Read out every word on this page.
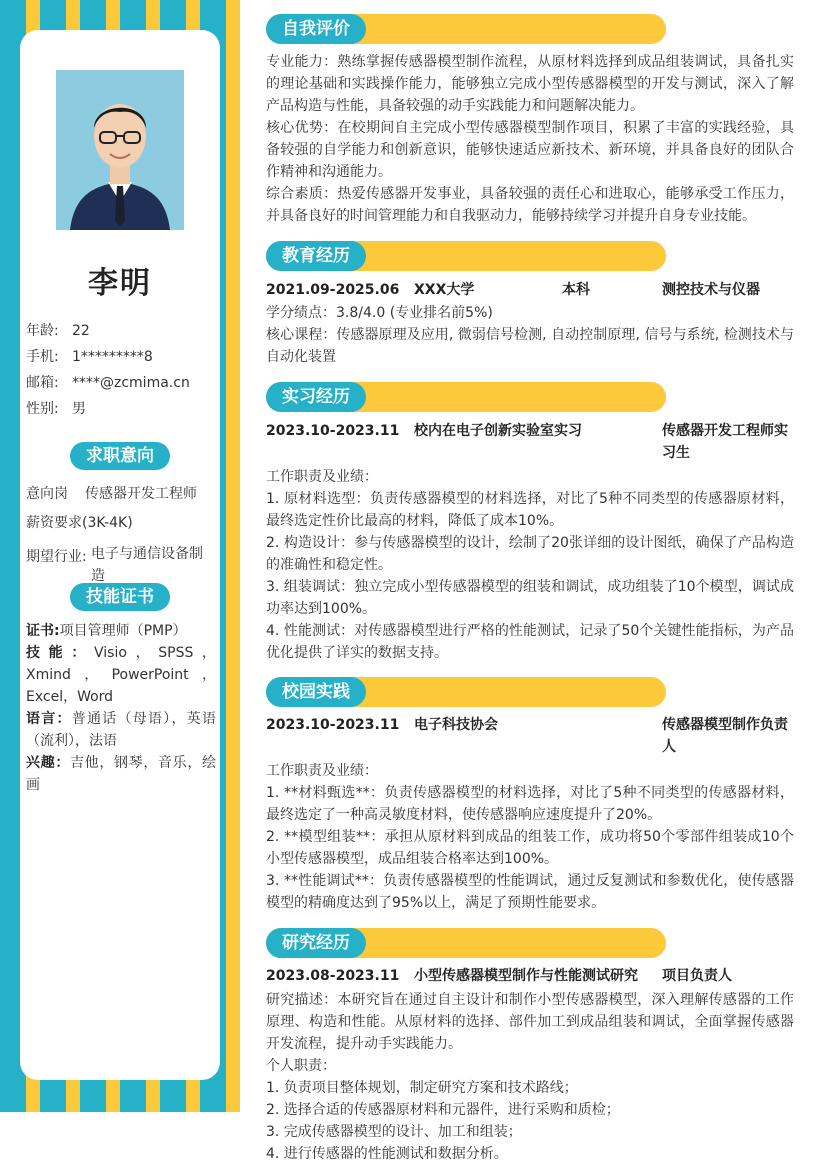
李明
年龄: 22
手机: 1*********8
邮箱: ****@zcmima.cn
性别: 男
求职意向
意向岗 传感器开发工程师
薪资要求 (3K-4K)
期望行业: 电子与通信设备制造
技能证书

证书:项目管理师（PMP）

技能：Visio，SPSS，Xmind，PowerPoint，Excel，Word

语言：普通话（母语），英语（流利），法语

兴趣：吉他，钢琴，音乐，绘画

自我评价

专业能力：熟练掌握传感器模型制作流程，从原材料选择到成品组装调试，具备扎实的理论基础和实践操作能力，能够独立完成小型传感器模型的开发与测试，深入了解产品构造与性能，具备较强的动手实践能力和问题解决能力。

核心优势：在校期间自主完成小型传感器模型制作项目，积累了丰富的实践经验，具备较强的自学能力和创新意识，能够快速适应新技术、新环境，并具备良好的团队合作精神和沟通能力。

综合素质：热爱传感器开发事业，具备较强的责任心和进取心，能够承受工作压力，并具备良好的时间管理能力和自我驱动力，能够持续学习并提升自身专业技能。

教育经历
2021.09-2025.06 XXX大学	本科	测控技术与仪器

学分绩点：3.8/4.0 (专业排名前5%)

核心课程：传感器原理及应用, 微弱信号检测, 自动控制原理, 信号与系统, 检测技术与自动化装置

实习经历
2023.10-2023.11 校内在电子创新实验室实习	传感器开发工程师实习生

工作职责及业绩：

1. 原材料选型：负责传感器模型的材料选择，对比了5种不同类型的传感器原材料，最终选定性价比最高的材料，降低了成本10%。

2. 构造设计：参与传感器模型的设计，绘制了20张详细的设计图纸，确保了产品构造的准确性和稳定性。

3. 组装调试：独立完成小型传感器模型的组装和调试，成功组装了10个模型，调试成功率达到100%。

4. 性能测试：对传感器模型进行严格的性能测试，记录了50个关键性能指标，为产品优化提供了详实的数据支持。

校园实践
2023.10-2023.11 电子科技协会	传感器模型制作负责人

工作职责及业绩：

1. **材料甄选**：负责传感器模型的材料选择，对比了5种不同类型的传感器材料，最终选定了一种高灵敏度材料，使传感器响应速度提升了20%。

2. **模型组装**：承担从原材料到成品的组装工作，成功将50个零部件组装成10个小型传感器模型，成品组装合格率达到100%。

3. **性能调试**：负责传感器模型的性能调试，通过反复测试和参数优化，使传感器模型的精确度达到了95%以上，满足了预期性能要求。

研究经历
2023.08-2023.11 小型传感器模型制作与性能测试研究 项目负责人

研究描述：本研究旨在通过自主设计和制作小型传感器模型，深入理解传感器的工作原理、构造和性能。从原材料的选择、部件加工到成品组装和调试，全面掌握传感器开发流程，提升动手实践能力。

个人职责：

1. 负责项目整体规划，制定研究方案和技术路线；

2. 选择合适的传感器原材料和元器件，进行采购和质检；

3. 完成传感器模型的设计、加工和组装；

4. 进行传感器的性能测试和数据分析。
